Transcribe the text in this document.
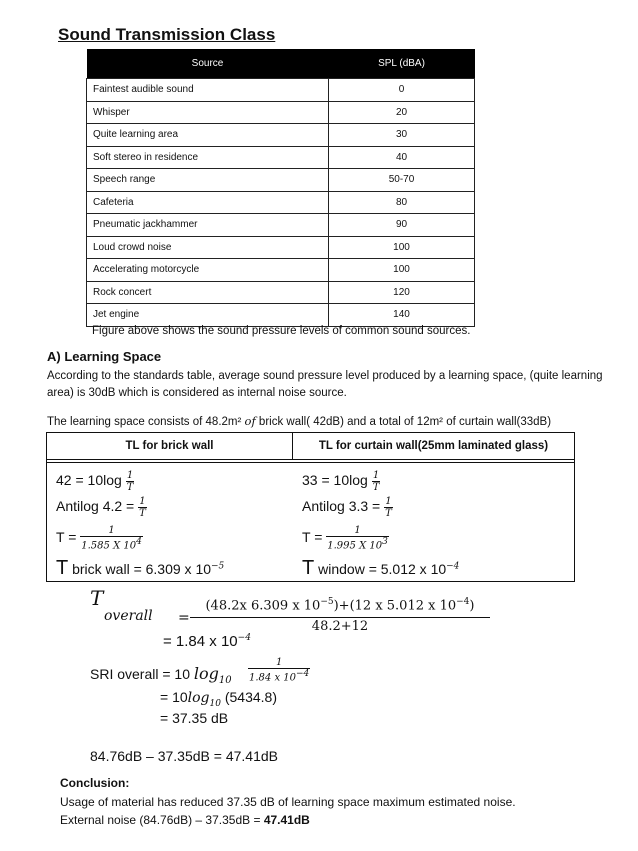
Sound Transmission Class
Source	SPL (dBA)
Faintest audible sound	0
Whisper	20
Quite learning area	30
Soft stereo in residence	40
Speech range	50-70
Cafeteria	80
Pneumatic jackhammer	90
Loud crowd noise	100
Accelerating motorcycle	100
Rock concert	120
Jet engine	140
Figure above shows the sound pressure levels of common sound sources.
A) Learning Space
According to the standards table, average sound pressure level produced by a learning space, (quite learning area) is 30dB which is considered as internal noise source.
The learning space consists of 48.2m² of brick wall( 42dB) and a total of 12m² of curtain wall(33dB)
TL for brick wall	TL for curtain wall(25mm laminated glass)
$42 = 10\log \frac{1}{T}$
Antilog $4.2 = \frac{1}{T}$
$T = \frac{1}{1.585 X 10^4}$
T brick wall = 6.309 x $10^{-5}$
$33 = 10\log \frac{1}{T}$
Antilog $3.3 = \frac{1}{T}$
$T = \frac{1}{1.995 X 10^3}$
T window = 5.012 x $10^{-4}$
T
overall =
(48.2x 6.309 x $10^{-5})+(12$ x 5.012 x $10^{-4}$)
48.2+12
= 1.84 x $10^{-4}$
SRI overall = 10 $\log_{10} \frac{1}{1.84 x 10^{-4}}$
= $10\log_{10}$ (5434.8)
= 37.35 dB
84.76dB – 37.35dB = 47.41dB
Conclusion:
Usage of material has reduced 37.35 dB of learning space maximum estimated noise.
External noise (84.76dB) – 37.35dB = 47.41dB
